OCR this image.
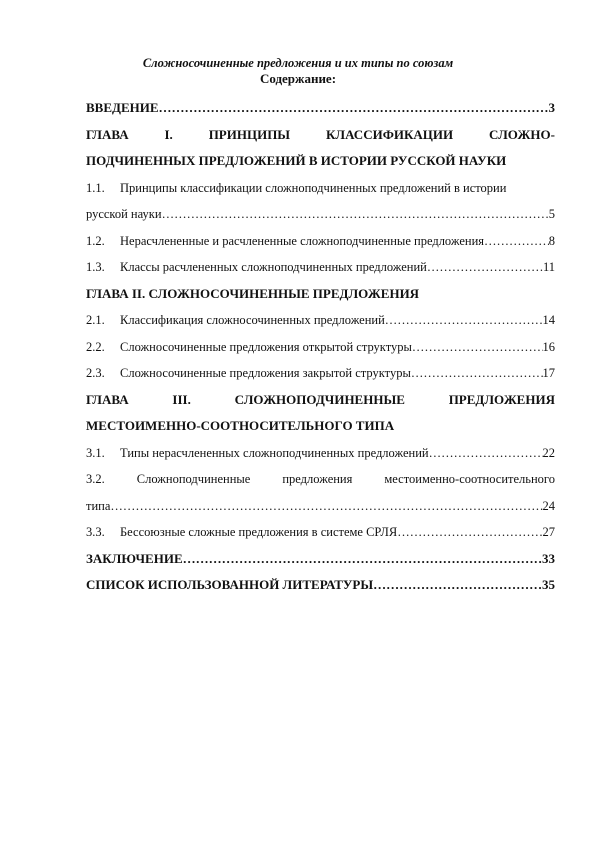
Сложносочиненные предложения и их типы по союзам
Содержание:
ВВЕДЕНИЕ ……………………………………………………………………………………………………………………………………………………………………	3
ГЛАВА	I.	ПРИНЦИПЫ	КЛАССИФИКАЦИИ	СЛОЖНО-
ПОДЧИНЕННЫХ ПРЕДЛОЖЕНИЙ В ИСТОРИИ РУССКОЙ НАУКИ
1.1.	Принципы классификации сложноподчиненных предложений в истории
русской науки ……………………………………………………………………………………………………………………………………………………………………	5
1.2.	Нерасчлененные и расчлененные сложноподчиненные предложения ……………………………………………………………………………………………………………………………………………………………………	8
1.3.	Классы расчлененных сложноподчиненных предложений ……………………………………………………………………………………………………………………………………………………………………	11
ГЛАВА II. СЛОЖНОСОЧИНЕННЫЕ ПРЕДЛОЖЕНИЯ
2.1.	Классификация сложносочиненных предложений ……………………………………………………………………………………………………………………………………………………………………	14
2.2.	Сложносочиненные предложения открытой структуры ……………………………………………………………………………………………………………………………………………………………………	16
2.3.	Сложносочиненные предложения закрытой структуры ……………………………………………………………………………………………………………………………………………………………………	17
ГЛАВА	III.	СЛОЖНОПОДЧИНЕННЫЕ	ПРЕДЛОЖЕНИЯ
МЕСТОИМЕННО-СООТНОСИТЕЛЬНОГО ТИПА
3.1.	Типы нерасчлененных сложноподчиненных предложений ……………………………………………………………………………………………………………………………………………………………………	22
3.2.	Сложноподчиненные	предложения	местоименно-соотносительного
типа ……………………………………………………………………………………………………………………………………………………………………	24
3.3.	Бессоюзные сложные предложения в системе СРЛЯ ……………………………………………………………………………………………………………………………………………………………………	27
ЗАКЛЮЧЕНИЕ ……………………………………………………………………………………………………………………………………………………………………	33
СПИСОК ИСПОЛЬЗОВАННОЙ ЛИТЕРАТУРЫ ……………………………………………………………………………………………………………………………………………………………………	35
